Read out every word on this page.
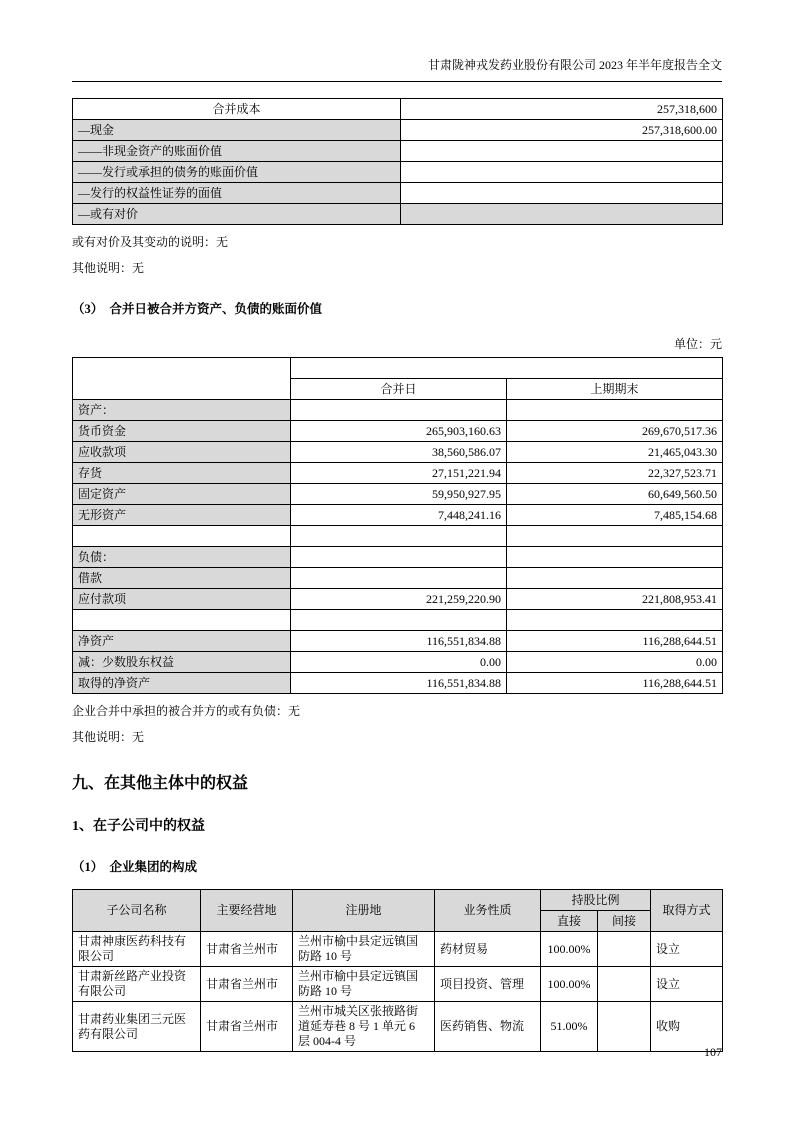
甘肃陇神戎发药业股份有限公司 2023 年半年度报告全文
合并成本	257,318,600
—现金	257,318,600.00
——非现金资产的账面价值	
——发行或承担的债务的账面价值	
—发行的权益性证券的面值	
—或有对价	

或有对价及其变动的说明：无

其他说明：无

（3）　合并日被合并方资产、负债的账面价值
单位：元

	合并日	上期期末
资产：		
货币资金	265,903,160.63	269,670,517.36
应收款项	38,560,586.07	21,465,043.30
存货	27,151,221.94	22,327,523.71
固定资产	59,950,927.95	60,649,560.50
无形资产	7,448,241.16	7,485,154.68

负债：		
借款		
应付款项	221,259,220.90	221,808,953.41

净资产	116,551,834.88	116,288,644.51
减：少数股东权益	0.00	0.00
取得的净资产	116,551,834.88	116,288,644.51

企业合并中承担的被合并方的或有负债：无

其他说明：无

九、在其他主体中的权益
1、在子公司中的权益
（1）　企业集团的构成
子公司名称	主要经营地	注册地	业务性质	持股比例		取得方式
				直接	间接	
甘肃神康医药科技有限公司	甘肃省兰州市	兰州市榆中县定远镇国防路 10 号	药材贸易	100.00%		设立
甘肃新丝路产业投资有限公司	甘肃省兰州市	兰州市榆中县定远镇国防路 10 号	项目投资、管理	100.00%		设立
甘肃药业集团三元医药有限公司	甘肃省兰州市	兰州市城关区张掖路街道延寿巷 8 号 1 单元 6 层 004-4 号	医药销售、物流	51.00%		收购
107
